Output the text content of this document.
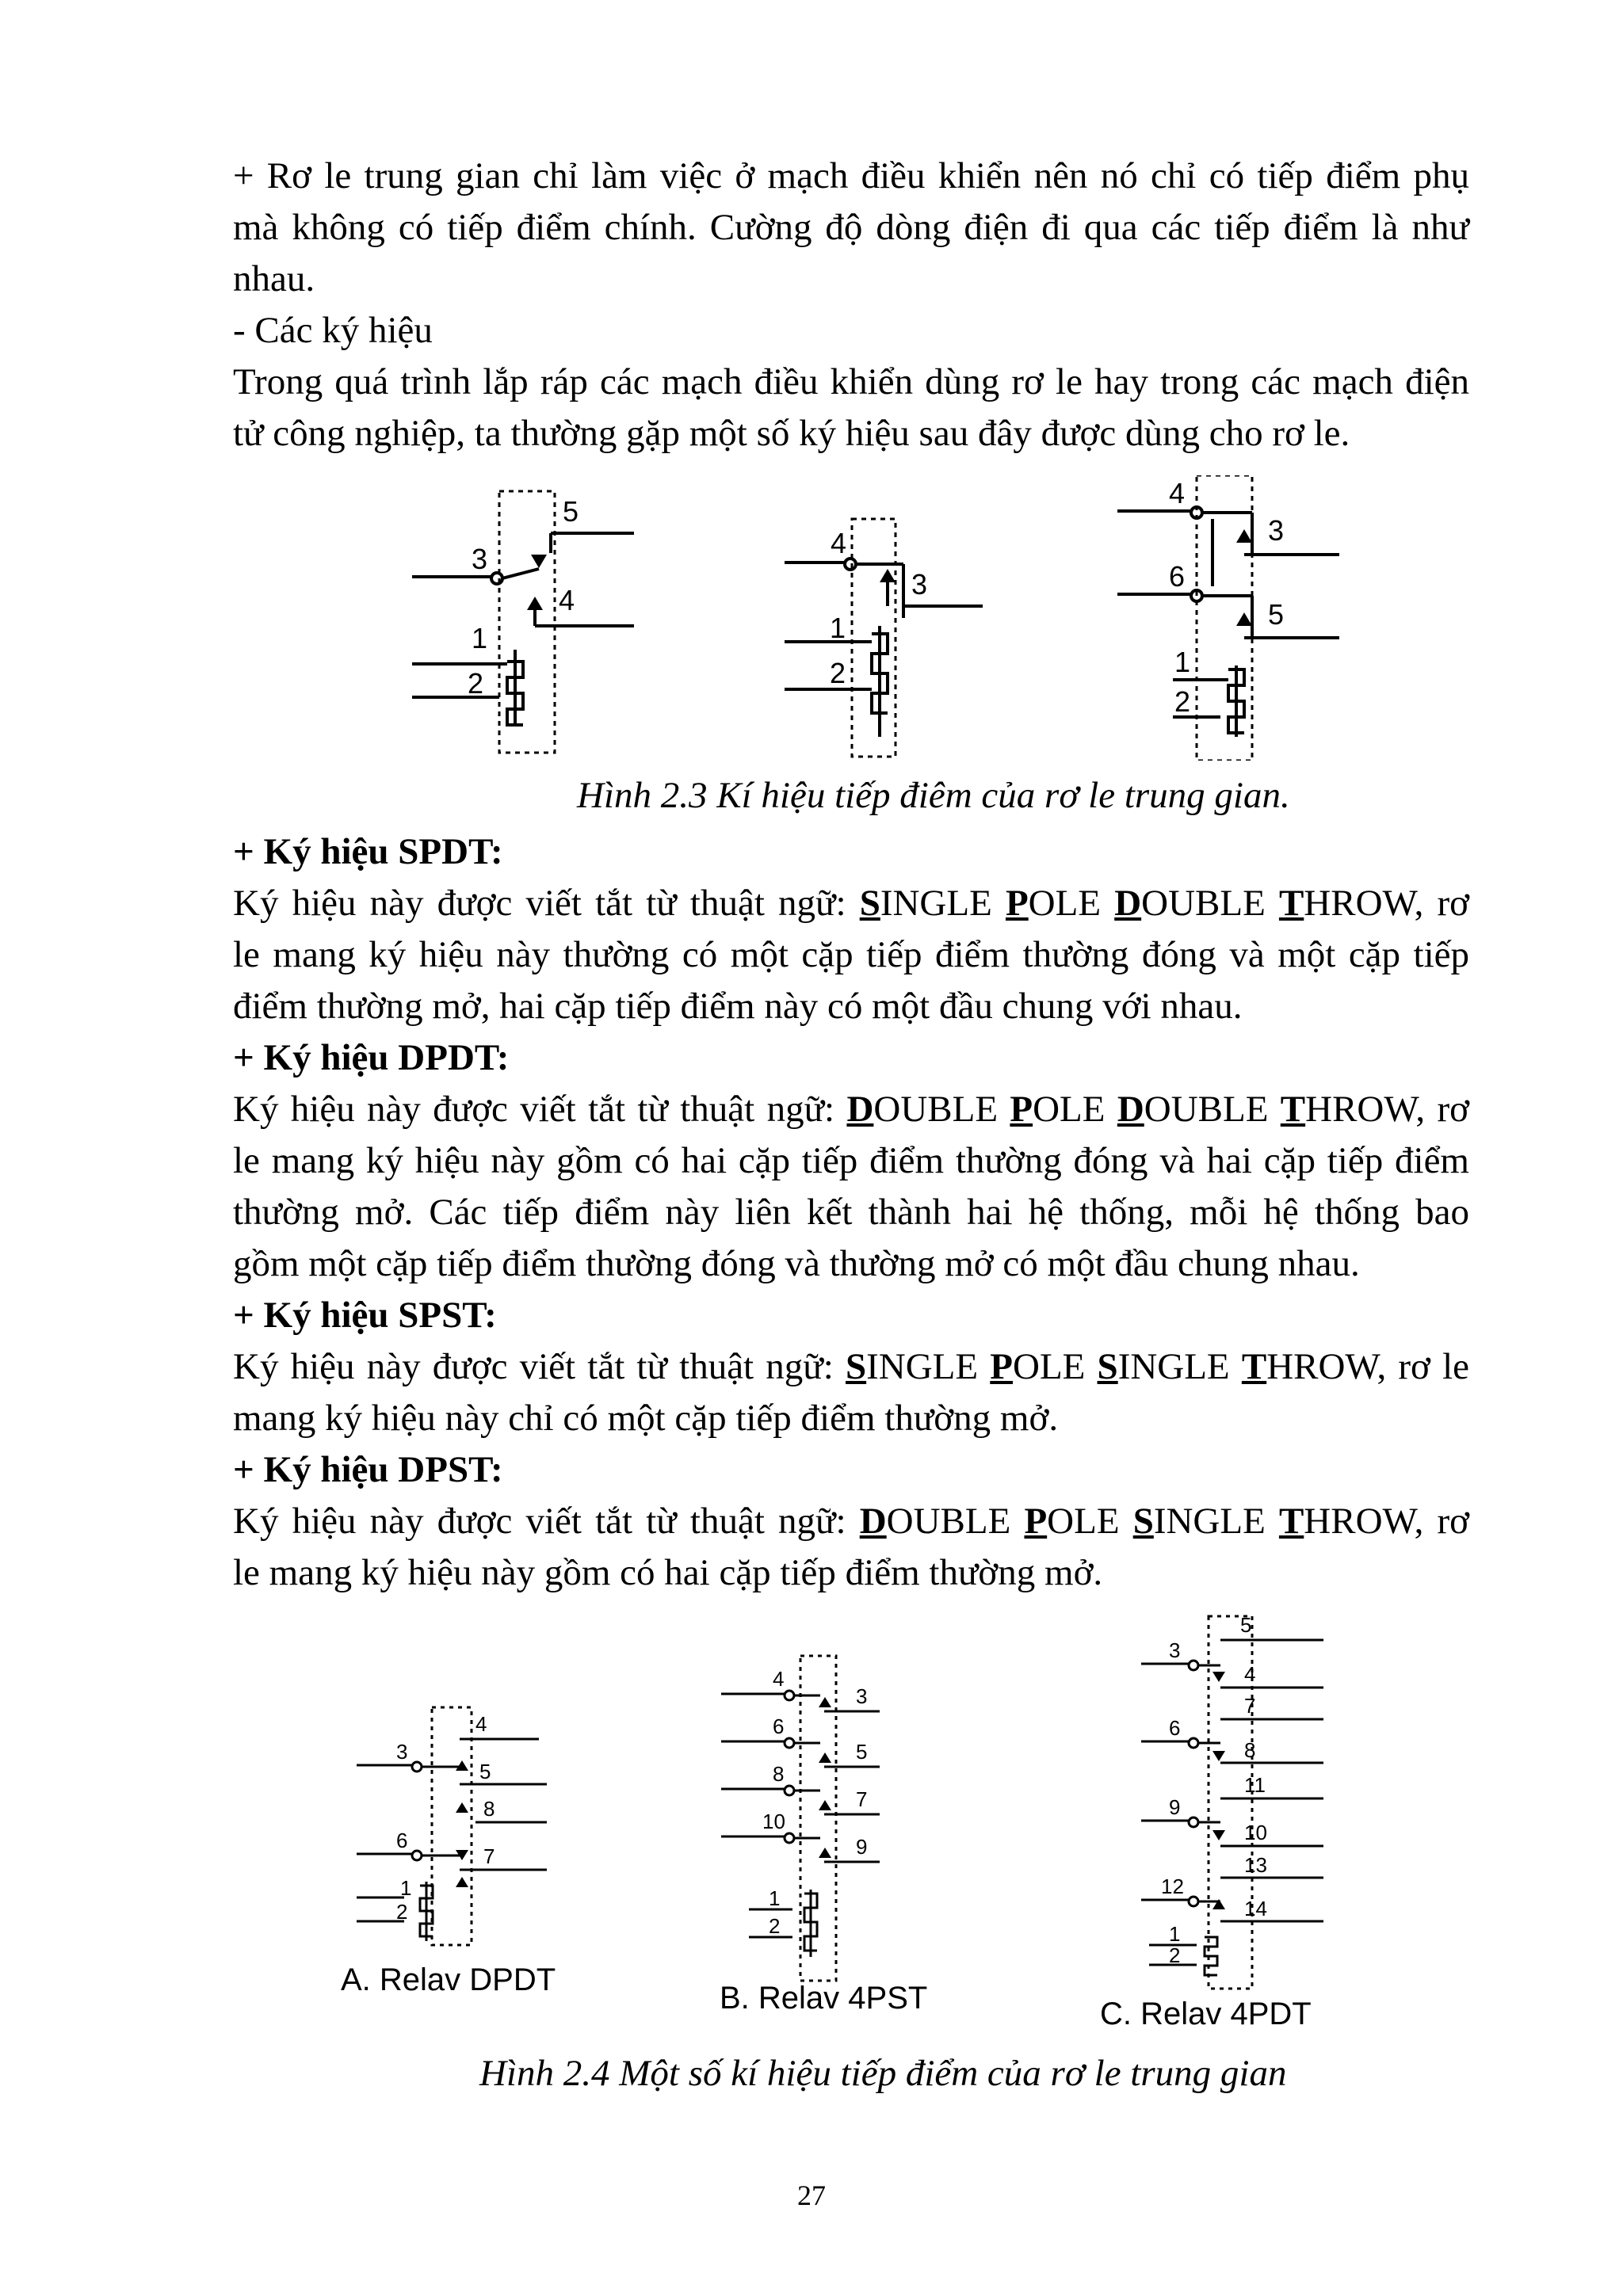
+ Rơ le trung gian chỉ làm việc ở mạch điều khiển nên nó chỉ có tiếp điểm phụ
mà không có tiếp điểm chính. Cường độ dòng điện đi qua các tiếp điểm là như
nhau.
- Các ký hiệu
Trong quá trình lắp ráp các mạch điều khiển dùng rơ le hay trong các mạch điện
tử công nghiệp, ta thường gặp một số ký hiệu sau đây được dùng cho rơ le.
5
3
4
1
2
4
3
1
2
4
3
6
5
1
2
Hình 2.3 Kí hiệu tiếp điêm của rơ le trung gian.
+ Ký hiệu SPDT:
Ký hiệu này được viết tắt từ thuật ngữ: SINGLE POLE DOUBLE THROW, rơ
le mang ký hiệu này thường có một cặp tiếp điểm thường đóng và một cặp tiếp
điểm thường mở, hai cặp tiếp điểm này có một đầu chung với nhau.
+ Ký hiệu DPDT:
Ký hiệu này được viết tắt từ thuật ngữ: DOUBLE POLE DOUBLE THROW, rơ
le mang ký hiệu này gồm có hai cặp tiếp điểm thường đóng và hai cặp tiếp điểm
thường mở. Các tiếp điểm này liên kết thành hai hệ thống, mỗi hệ thống bao
gồm một cặp tiếp điểm thường đóng và thường mở có một đầu chung nhau.
+ Ký hiệu SPST:
Ký hiệu này được viết tắt từ thuật ngữ: SINGLE POLE SINGLE THROW, rơ le
mang ký hiệu này chỉ có một cặp tiếp điểm thường mở.
+ Ký hiệu DPST:
Ký hiệu này được viết tắt từ thuật ngữ: DOUBLE POLE SINGLE THROW, rơ
le mang ký hiệu này gồm có hai cặp tiếp điểm thường mở.
4
3
5
8
6
7
1
2
4
3
6
5
8
7
10
9
1
2
3
5
4
7
6
8
11
9
10
13
12
14
1
2
A. Relav DPDT
B. Relav 4PST	C. Relav 4PDT
Hình 2.4 Một số kí hiệu tiếp điểm của rơ le trung gian
27
